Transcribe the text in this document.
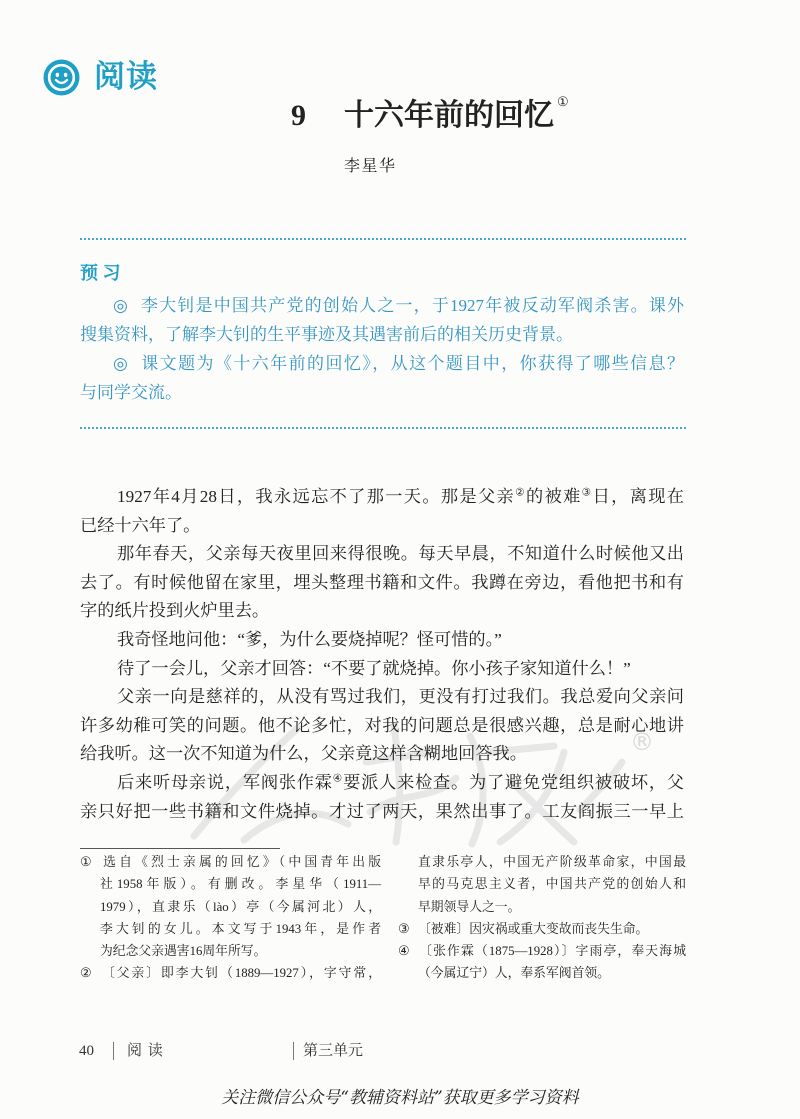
阅读
9 十六年前的回忆 ①
李星华
预 习
◎ 李大钊是中国共产党的创始人之一，于1927年被反动军阀杀害。课外
搜集资料，了解李大钊的生平事迹及其遇害前后的相关历史背景。
◎ 课文题为《十六年前的回忆》，从这个题目中，你获得了哪些信息？
与同学交流。
®
1927年4月28日，我永远忘不了那一天。那是父亲②的被难③日，离现在
已经十六年了。
那年春天，父亲每天夜里回来得很晚。每天早晨，不知道什么时候他又出
去了。有时候他留在家里，埋头整理书籍和文件。我蹲在旁边，看他把书和有
字的纸片投到火炉里去。
我奇怪地问他：“爹，为什么要烧掉呢？怪可惜的。”
待了一会儿，父亲才回答：“不要了就烧掉。你小孩子家知道什么！”
父亲一向是慈祥的，从没有骂过我们，更没有打过我们。我总爱向父亲问
许多幼稚可笑的问题。他不论多忙，对我的问题总是很感兴趣，总是耐心地讲
给我听。这一次不知道为什么，父亲竟这样含糊地回答我。
后来听母亲说，军阀张作霖④要派人来检查。为了避免党组织被破坏，父
亲只好把一些书籍和文件烧掉。才过了两天，果然出事了。工友阎振三一早上
① 选自《烈士亲属的回忆》（中国青年出版
社1958年版）。有删改。李星华（1911—
1979），直隶乐（lào）亭（今属河北）人，
李大钊的女儿。本文写于1943年，是作者
为纪念父亲遇害16周年所写。
② 〔父亲〕即李大钊（1889—1927），字守常，
直隶乐亭人，中国无产阶级革命家，中国最
早的马克思主义者，中国共产党的创始人和
早期领导人之一。
③ 〔被难〕因灾祸或重大变故而丧失生命。
④ 〔张作霖（1875—1928）〕字雨亭，奉天海城
（今属辽宁）人，奉系军阀首领。
40 阅 读	第三单元
关注微信公众号“教辅资料站”获取更多学习资料
